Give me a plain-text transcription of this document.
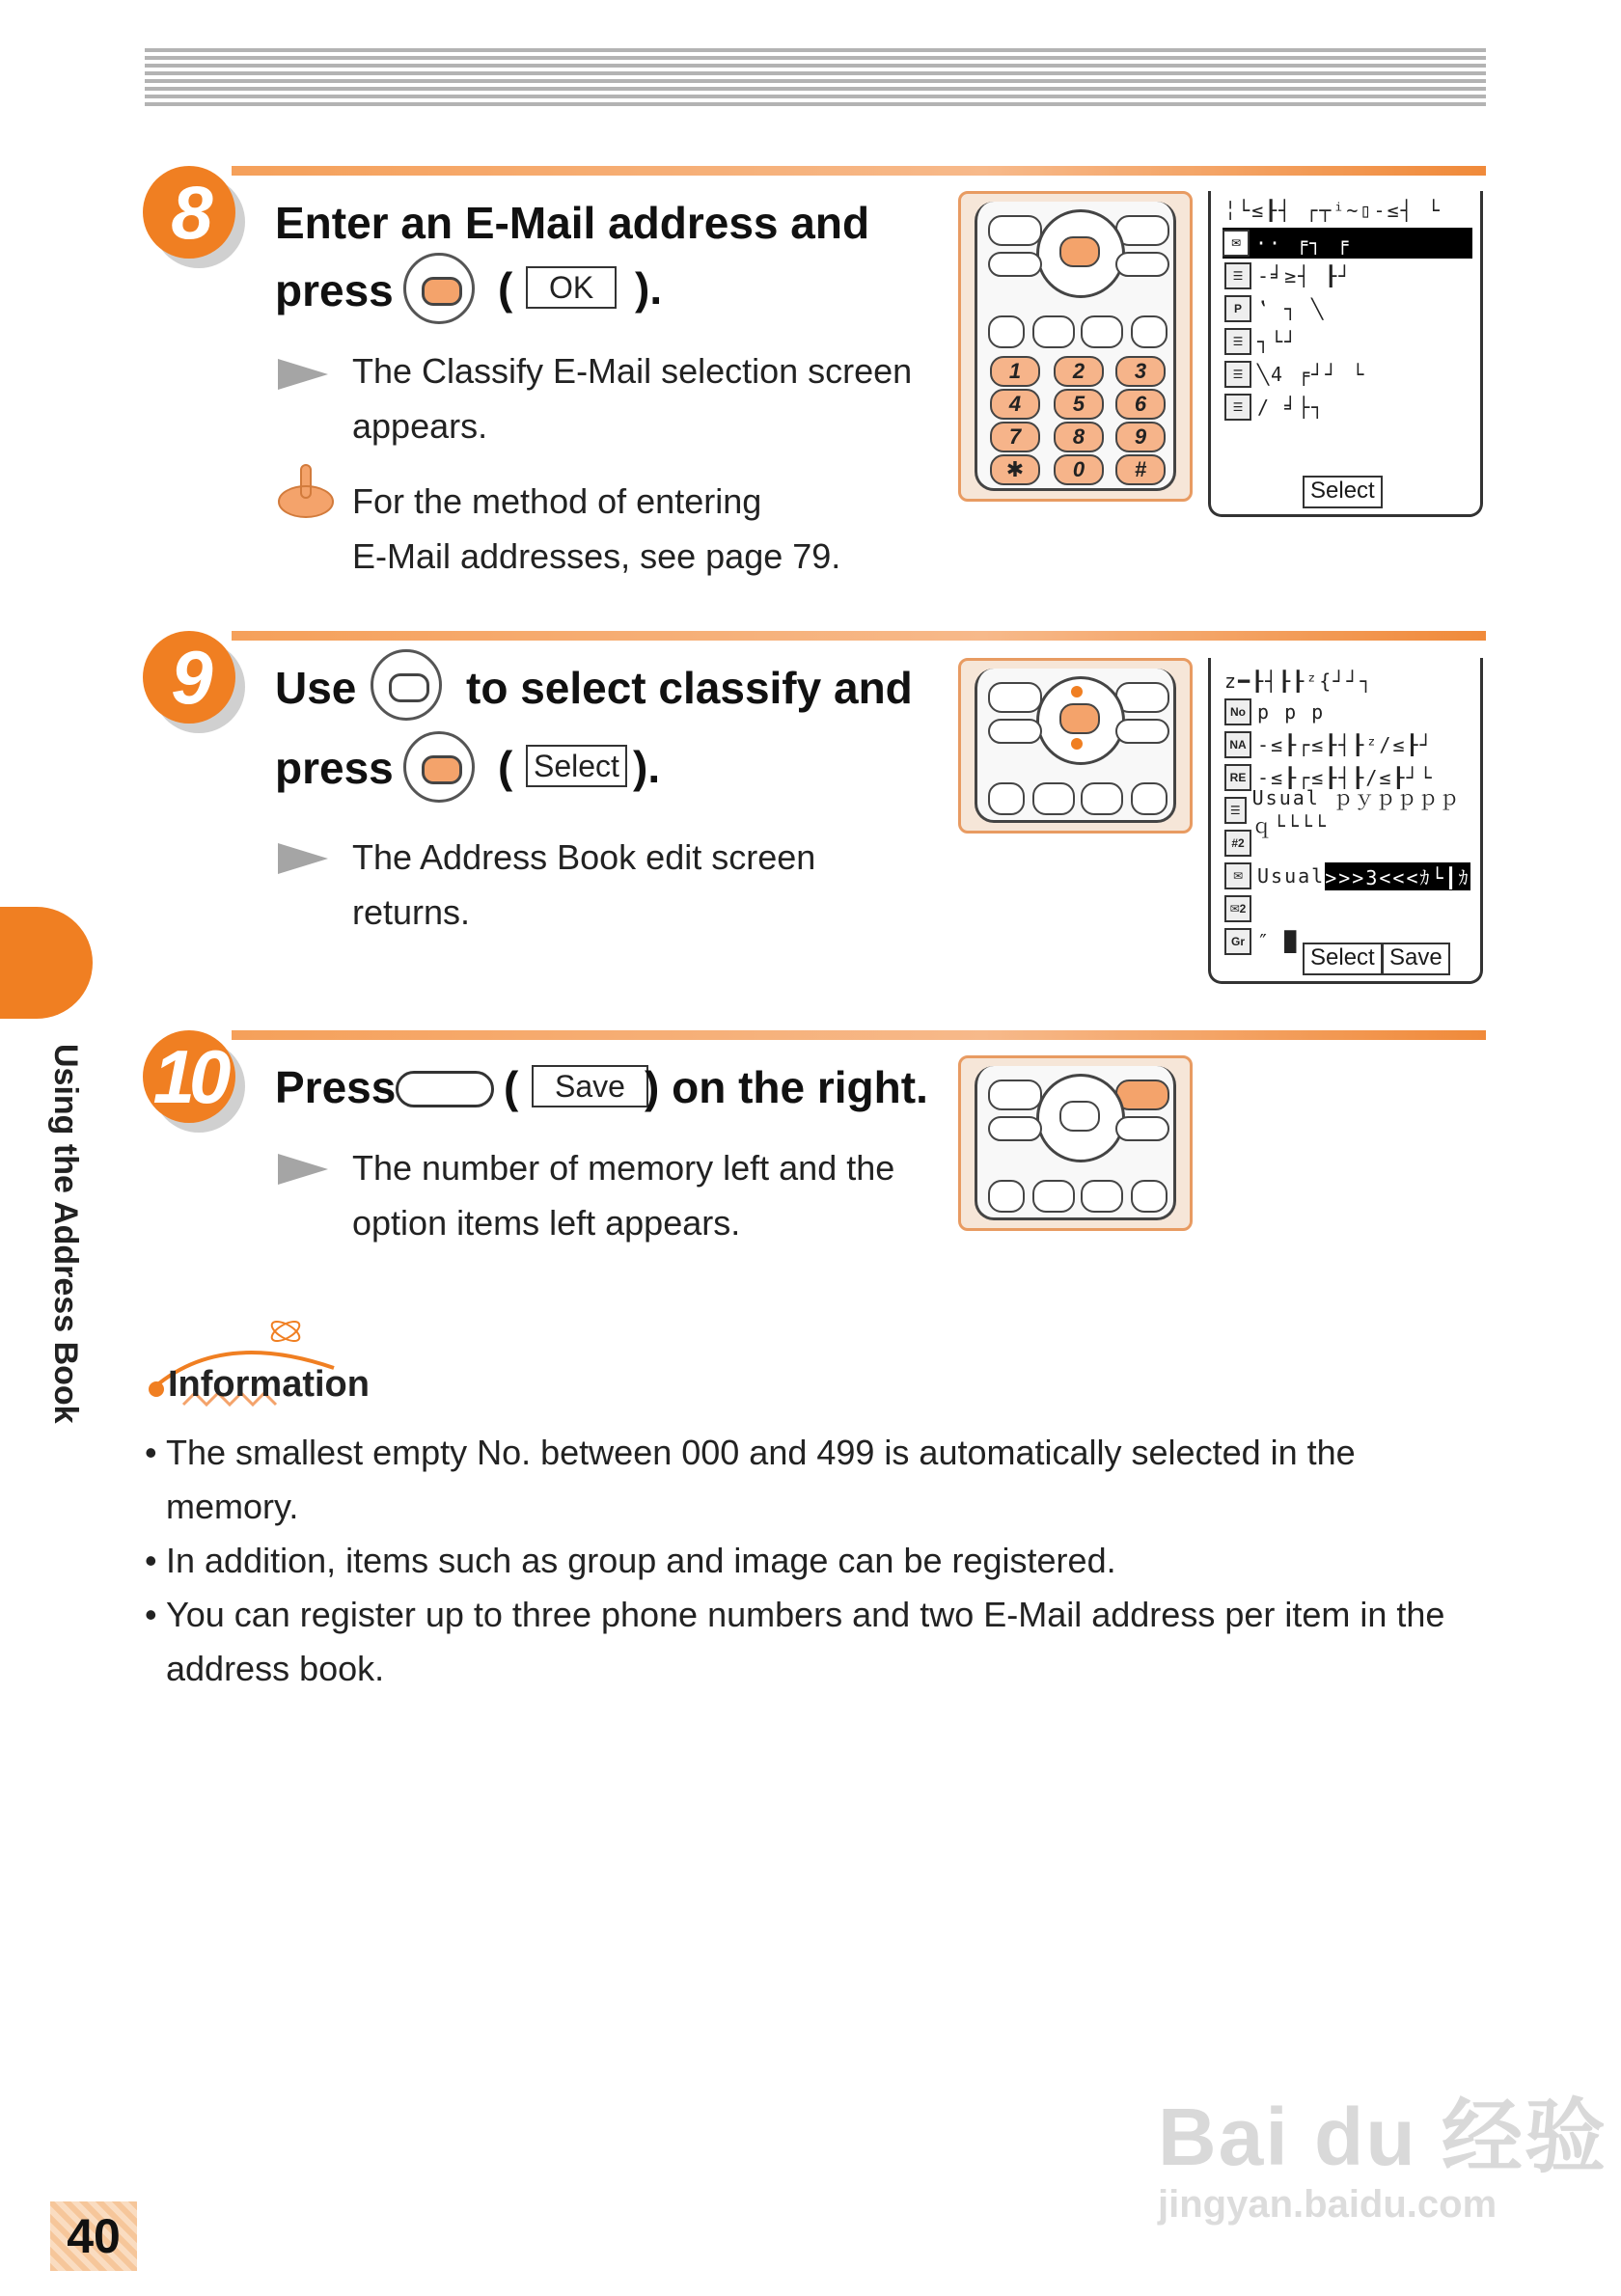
8	Enter an E-Mail address and
press (	OK ).
The Classify E-Mail selection screen
appears.
For the method of entering
E-Mail addresses, see page 79.
1	2	3
4	5	6
7	8	9
✱	0	#
╎└≤┠┤ ┌┬ⁱ~▯-≤┤ └
✉ ·· ╒┐ ╒
☰ -╛≥┤ ┠┘
P ‛ ┐ ╲
☰ ┐└┘
☰ ╲4 ╒┘┘ └
☰ / ╛├┐
Select
9	Use to select classify and
press ( Select ).
The Address Book edit screen
returns.
z━┠┤┠┠ᶻ{┘┘┐
No p p p
NA -≤┠┌≤┠┤┠ᶻ/≤┠┘
RE -≤┠┌≤┠┤┠/≤┠┘└
☰
Usual ｐｙｐｐｐｐｑ└└└└
#2
✉ Usual >>>3<<<ｶ└┃ｶ
✉2
Gr ″ █
Select Save
10 Press (	Save ) on the right.
The number of memory left and the
option items left appears.
Using the Address Book Information
• The smallest empty No. between 000 and 499 is automatically selected in the memory.
• In addition, items such as group and image can be registered.
• You can register up to three phone numbers and two E-Mail address per item in the
address book.
40
Bai du 经验
jingyan.baidu.com
